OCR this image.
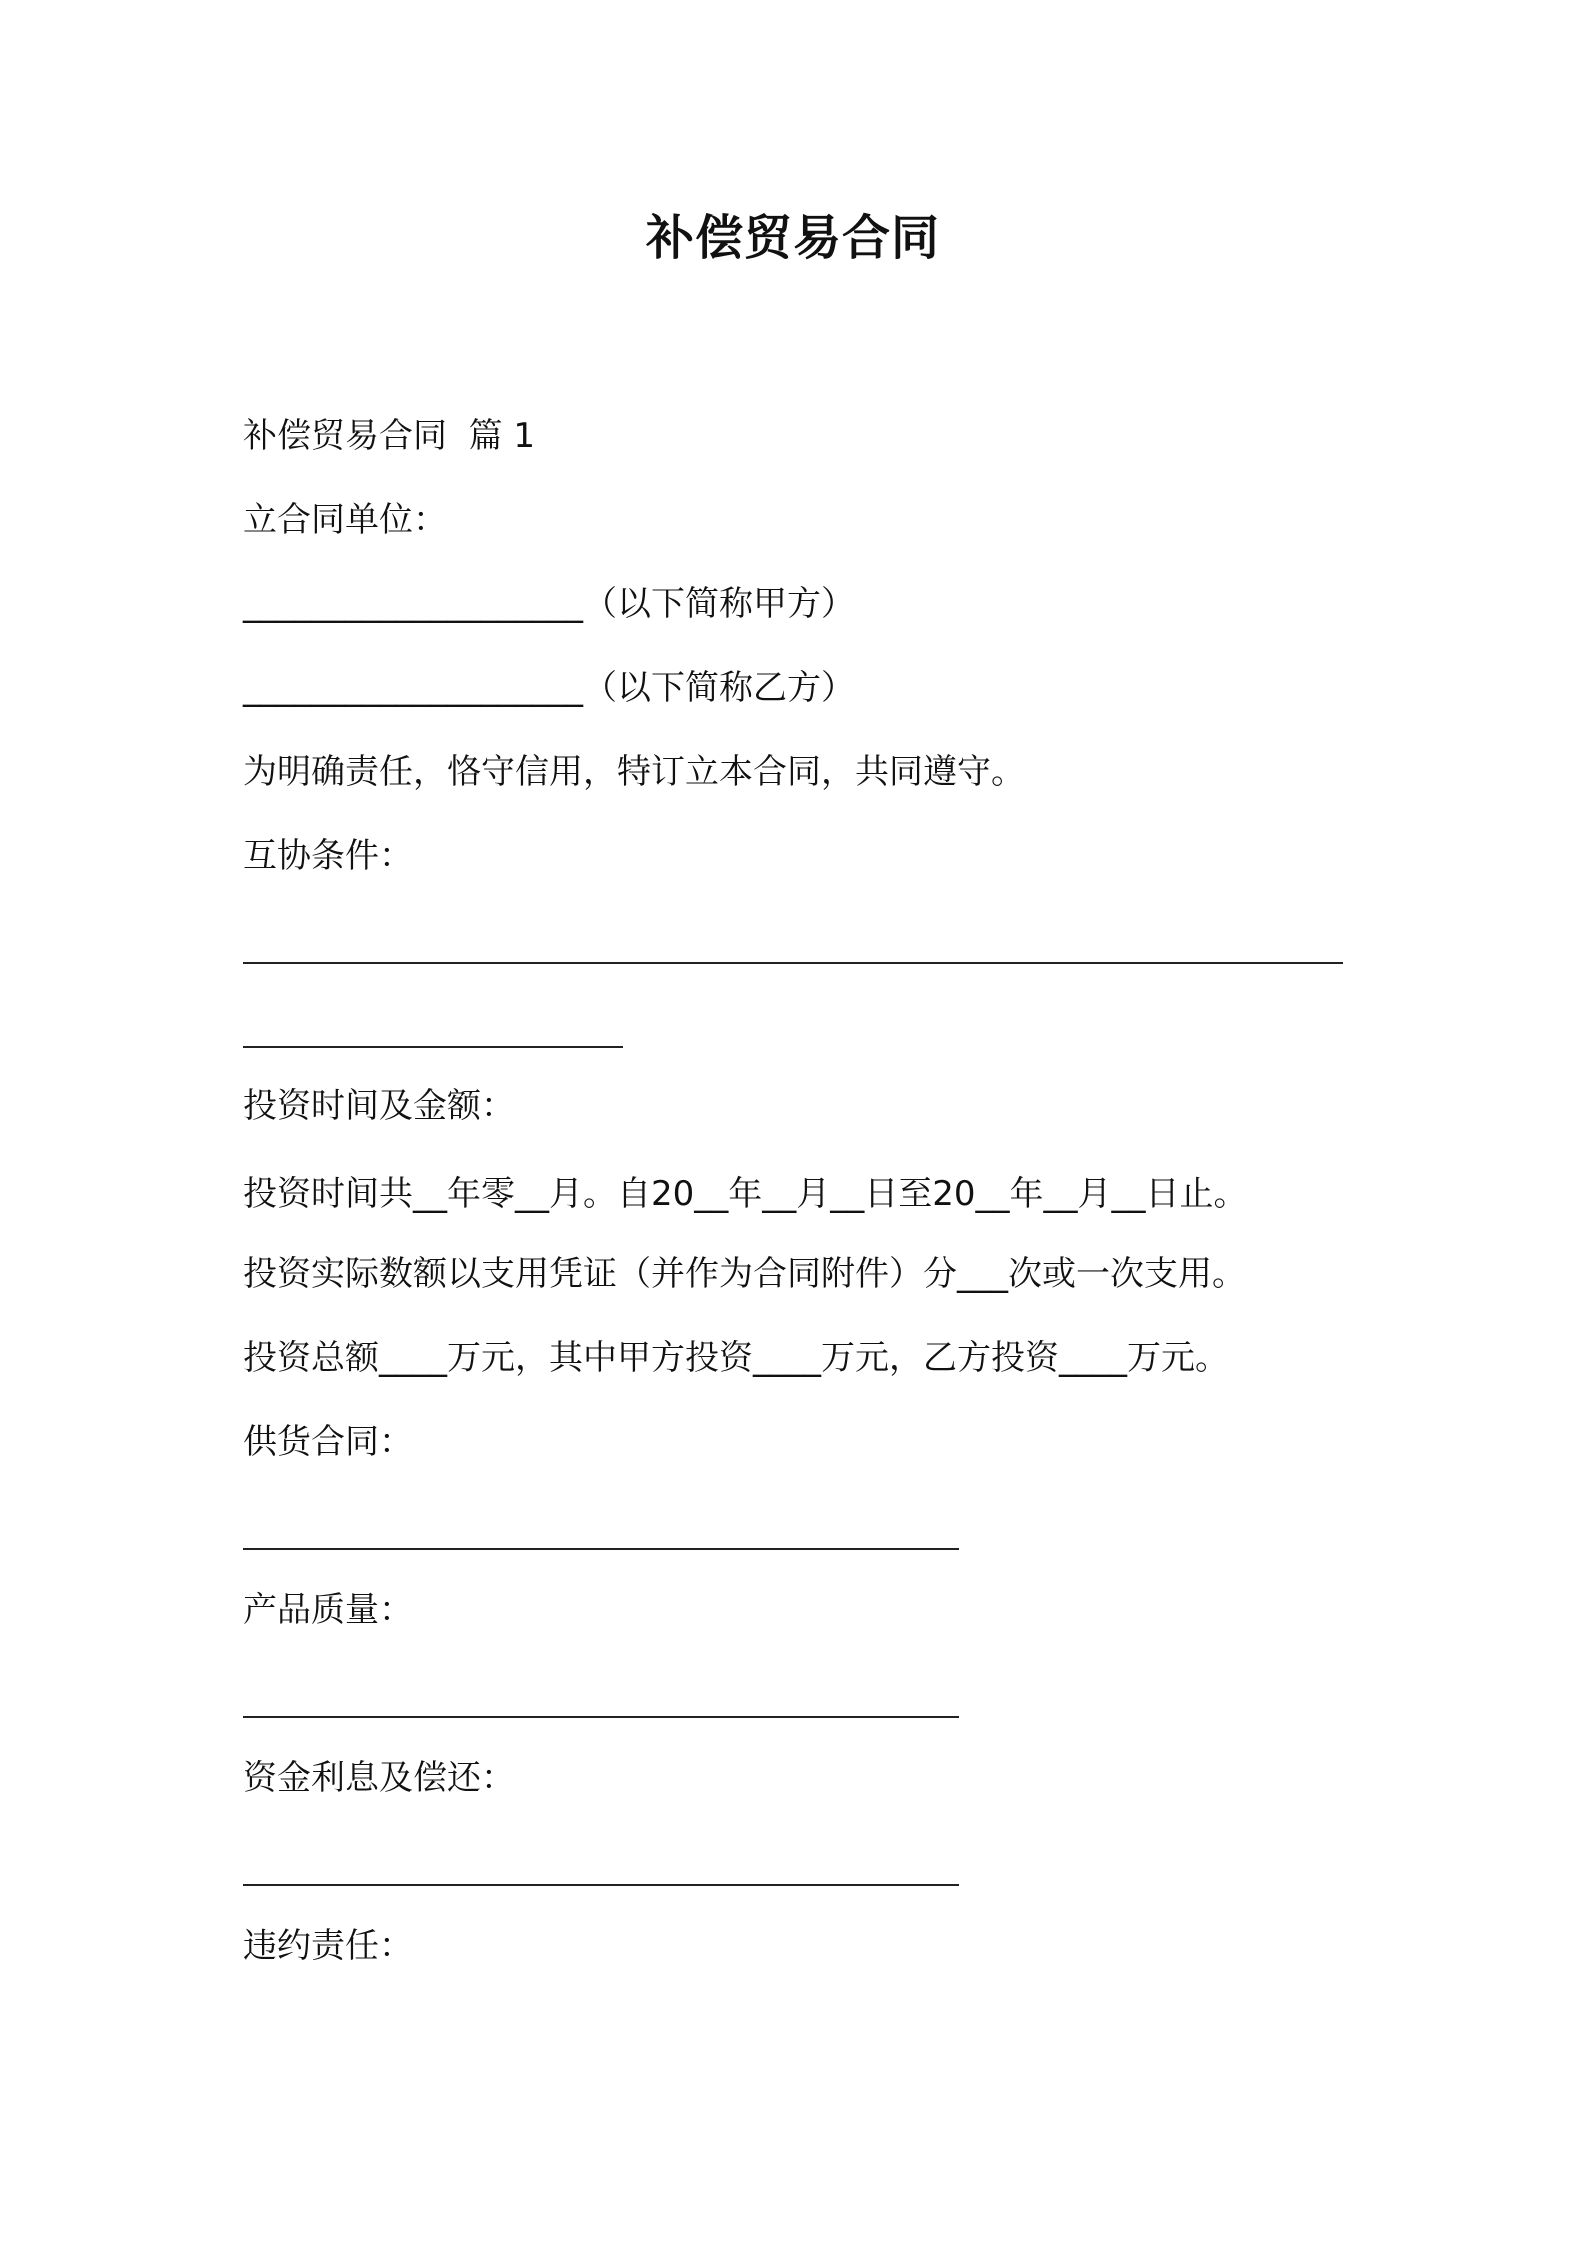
补偿贸易合同
补偿贸易合同  篇 1
立合同单位：
____________________（以下简称甲方）
____________________（以下简称乙方）
为明确责任，恪守信用，特订立本合同，共同遵守。
互协条件：
投资时间及金额：
投资时间共__年零__月。自20__年__月__日至20__年__月__日止。
投资实际数额以支用凭证（并作为合同附件）分___次或一次支用。
投资总额____万元，其中甲方投资____万元，乙方投资____万元。
供货合同：
产品质量：
资金利息及偿还：
违约责任：
